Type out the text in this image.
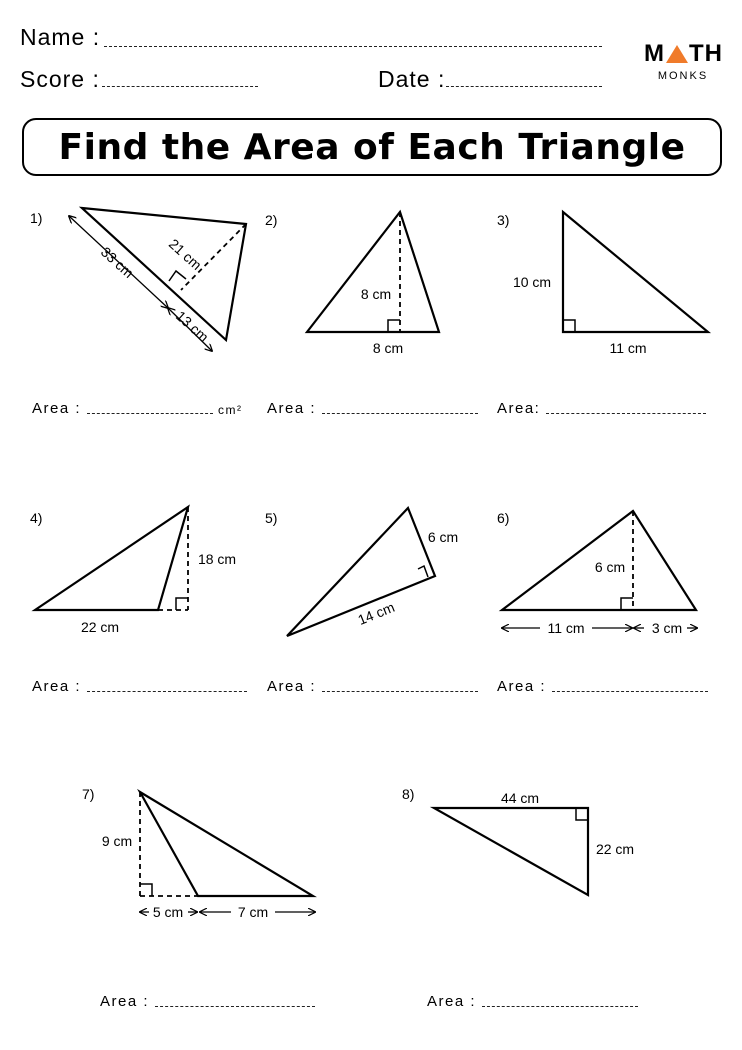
Name :
Score :	Date :
M TH
MONKS
Find the Area of Each Triangle
1)	2)	3)
4)	5)	6)
7)	8)
21 cm
33 cm
13 cm
8 cm
8 cm
10 cm
11 cm
18 cm
22 cm
6 cm
14 cm
6 cm
11 cm	3 cm
9 cm
5 cm	7 cm
44 cm
22 cm
Area :	cm² Area :	Area:
Area :	Area :	Area :
Area :	Area :
